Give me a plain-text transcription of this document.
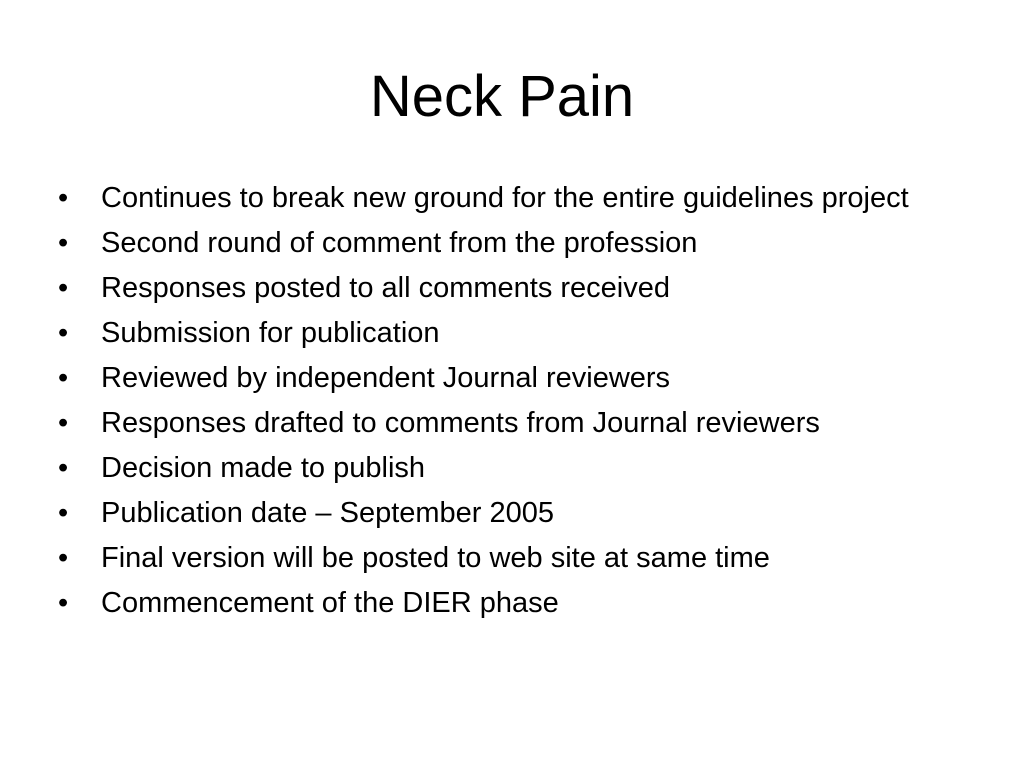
Neck Pain
•	Continues to break new ground for the entire guidelines project
•	Second round of comment from the profession
•	Responses posted to all comments received
•	Submission for publication
•	Reviewed by independent Journal reviewers
•	Responses drafted to comments from Journal reviewers
•	Decision made to publish
•	Publication date – September 2005
•	Final version will be posted to web site at same time
•	Commencement of the DIER phase
